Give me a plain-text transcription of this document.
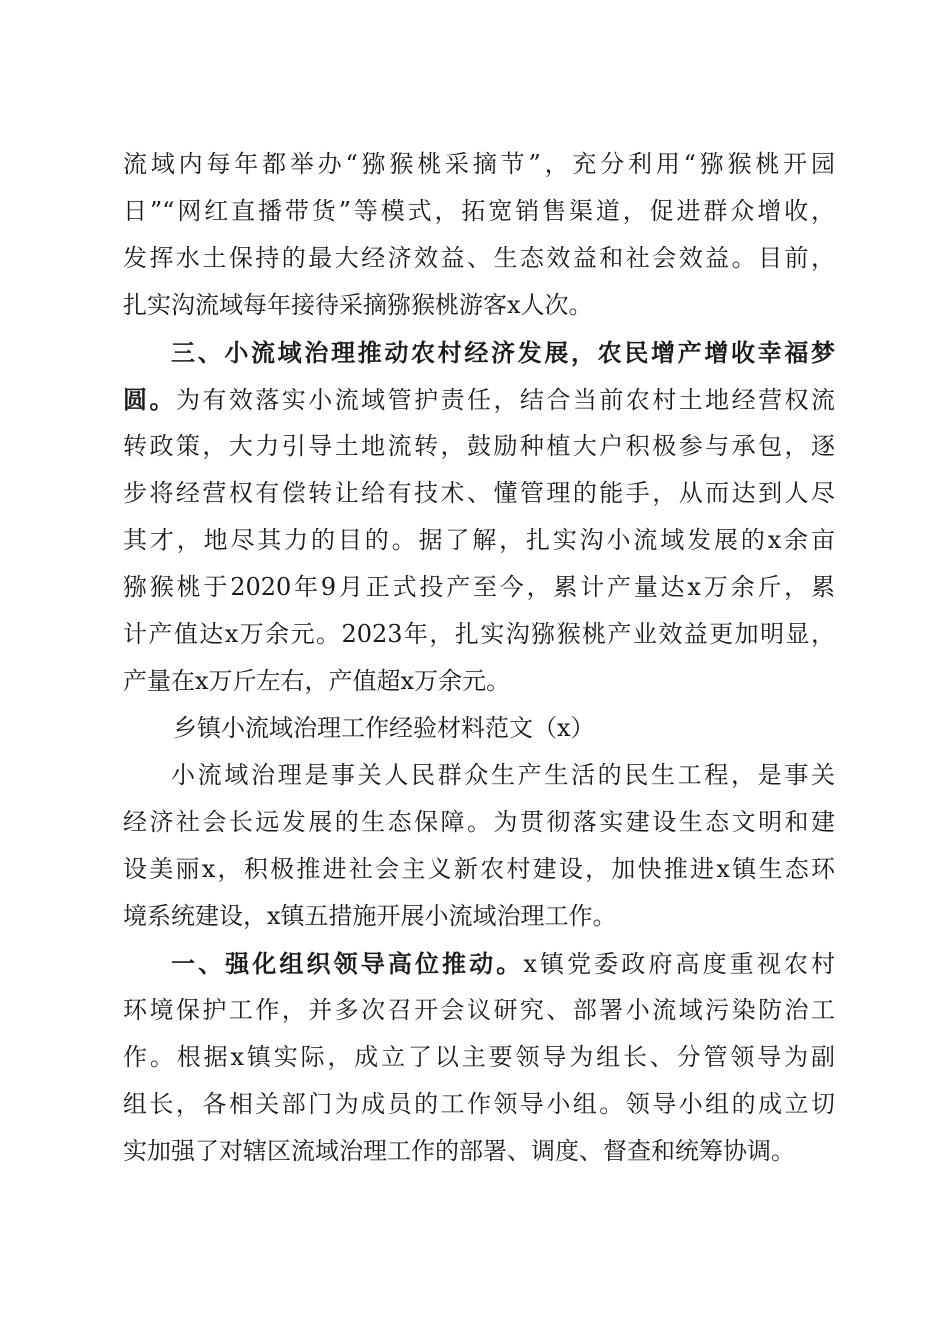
流域内每年都举办“猕猴桃采摘节”，充分利用“猕猴桃开园
日”“网红直播带货”等模式，拓宽销售渠道，促进群众增收，
发挥水土保持的最大经济效益、生态效益和社会效益。目前，
扎实沟流域每年接待采摘猕猴桃游客x人次。
三、小流域治理推动农村经济发展，农民增产增收幸福梦
圆。为有效落实小流域管护责任，结合当前农村土地经营权流
转政策，大力引导土地流转，鼓励种植大户积极参与承包，逐
步将经营权有偿转让给有技术、懂管理的能手，从而达到人尽
其才，地尽其力的目的。据了解，扎实沟小流域发展的x余亩
猕猴桃于2020年9月正式投产至今，累计产量达x万余斤，累
计产值达x万余元。2023年，扎实沟猕猴桃产业效益更加明显，
产量在x万斤左右，产值超x万余元。
乡镇小流域治理工作经验材料范文（x）
小流域治理是事关人民群众生产生活的民生工程，是事关
经济社会长远发展的生态保障。为贯彻落实建设生态文明和建
设美丽x，积极推进社会主义新农村建设，加快推进x镇生态环
境系统建设，x镇五措施开展小流域治理工作。
一、强化组织领导高位推动。x镇党委政府高度重视农村
环境保护工作，并多次召开会议研究、部署小流域污染防治工
作。根据x镇实际，成立了以主要领导为组长、分管领导为副
组长，各相关部门为成员的工作领导小组。领导小组的成立切
实加强了对辖区流域治理工作的部署、调度、督查和统筹协调。
